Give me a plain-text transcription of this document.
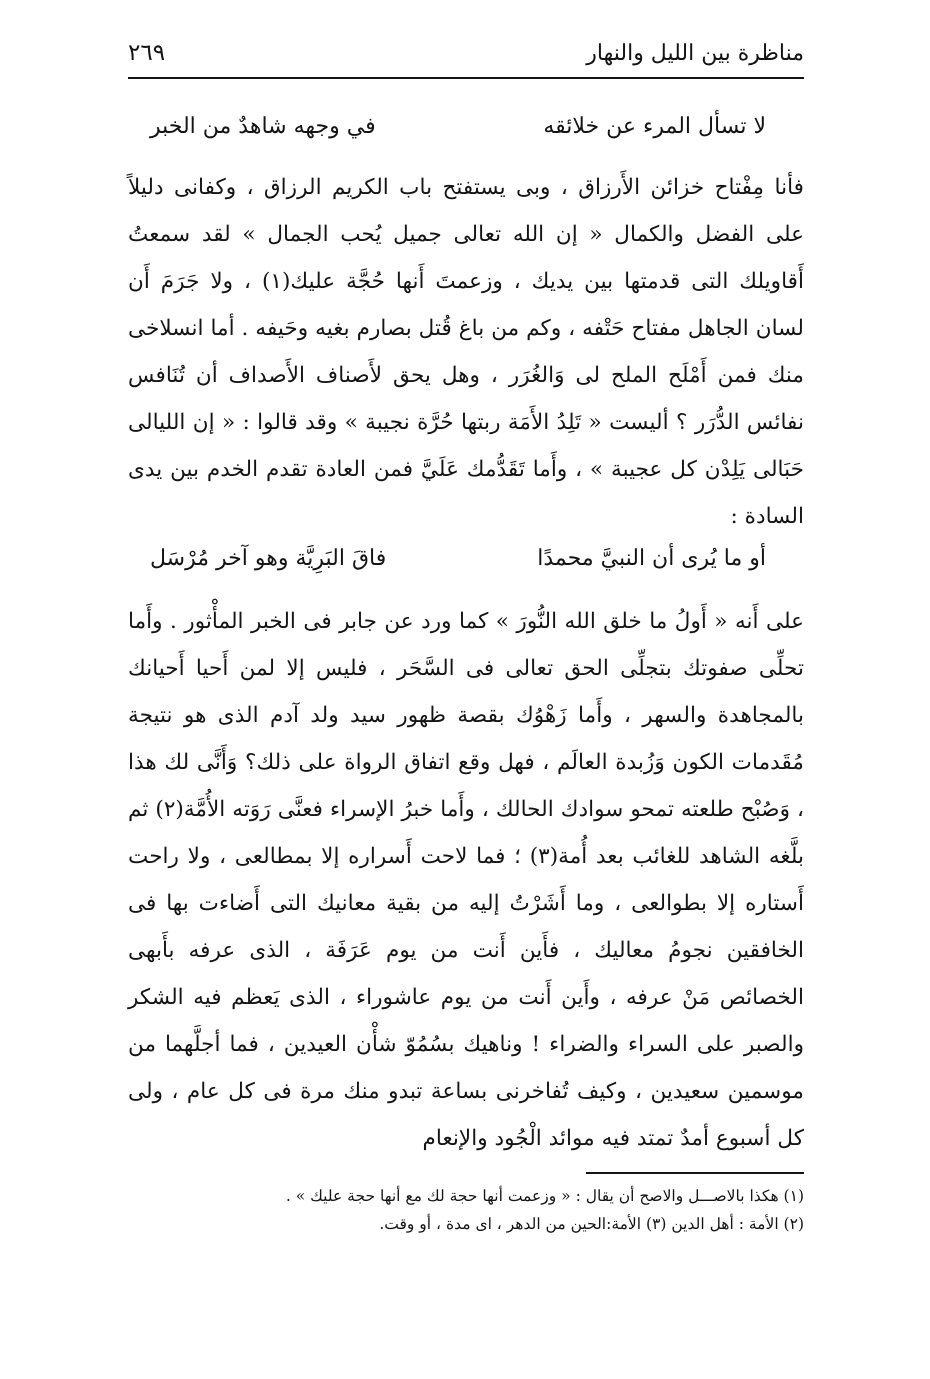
مناظرة بين الليل والنهار
٢٦٩
لا تسأل المرء عن خلائقه
في وجهه شاهدٌ من الخبر
فأنا مِفْتاح خزائن الأَرزاق ، وبى يستفتح باب الكريم الرزاق ، وكفانى دليلاً على الفضل والكمال « إن الله تعالى جميل يُحب الجمال » لقد سمعتُ أَقاويلك التى قدمتها بين يديك ، وزعمتَ أَنها حُجَّة عليك(١) ، ولا جَرَمَ أَن لسان الجاهل مفتاح حَتْفه ، وكم من باغ قُتل بصارم بغيه وحَيفه . أما انسلاخى منك فمن أَمْلَح الملح لى وَالغُرَر ، وهل يحق لأَصناف الأَصداف أن تُنَافس نفائس الدُّرَر ؟ أليست « تَلِدُ الأَمَة ربتها حُرَّة نجيبة » وقد قالوا : « إن الليالى حَبَالى يَلِدْن كل عجيبة » ، وأَما تَقَدُّمك عَلَيَّ فمن العادة تقدم الخدم بين يدى السادة :
أو ما يُرى أن النبيَّ محمدًا
فاقَ البَرِيَّة وهو آخر مُرْسَل
على أَنه « أَولُ ما خلق الله النُّورَ » كما ورد عن جابر فى الخبر المأْثور . وأَما تحلِّى صفوتك بتجلِّى الحق تعالى فى السَّحَر ، فليس إلا لمن أَحيا أَحيانك بالمجاهدة والسهر ، وأَما زَهْوُك بقصة ظهور سيد ولد آدم الذى هو نتيجة مُقَدمات الكون وَزُبدة العالَم ، فهل وقع اتفاق الرواة على ذلك؟ وَأَنَّى لك هذا ، وَصُبْح طلعته تمحو سوادك الحالك ، وأَما خبرُ الإسراء فعنَّى رَوَته الأُمَّة(٢) ثم بلَّغه الشاهد للغائب بعد أُمة(٣) ؛ فما لاحت أَسراره إلا بمطالعى ، ولا راحت أَستاره إلا بطوالعى ، وما أَشَرْتُ إليه من بقية معانيك التى أَضاءت بها فى الخافقين نجومُ معاليك ، فأَين أَنت من يوم عَرَفَة ، الذى عرفه بأَبهى الخصائص مَنْ عرفه ، وأَين أَنت من يوم عاشوراء ، الذى يَعظم فيه الشكر والصبر على السراء والضراء ! وناهيك بسُمُوّ شأْن العيدين ، فما أجلَّهما من موسمين سعيدين ، وكيف تُفاخرنى بساعة تبدو منك مرة فى كل عام ، ولى كل أسبوع أمدٌ تمتد فيه موائد الْجُود والإنعام

(١) هكذا بالاصـــل والاصح أن يقال : « وزعمت أنها حجة لك مع أنها حجة عليك » .

(٢) الأمة : أهل الدين (٣) الأمة:الحين من الدهر ، اى مدة ، أو وقت.
